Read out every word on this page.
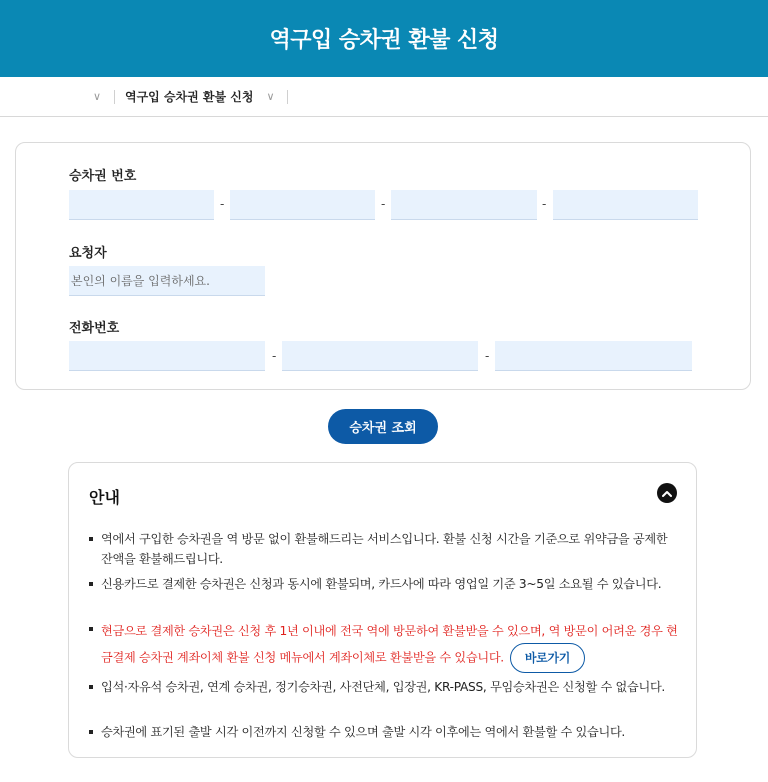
역구입 승차권 환불 신청
∨ 역구입 승차권 환불 신청 ∨
승차권 번호
-	-	-
요청자
본인의 이름을 입력하세요.
전화번호
-	-
승차권 조회
안내
역에서 구입한 승차권을 역 방문 없이 환불해드리는 서비스입니다. 환불 신청 시간을 기준으로 위약금을 공제한 잔액을 환불해드립니다.
신용카드로 결제한 승차권은 신청과 동시에 환불되며, 카드사에 따라 영업일 기준 3~5일 소요될 수 있습니다.
현금으로 결제한 승차권은 신청 후 1년 이내에 전국 역에 방문하여 환불받을 수 있으며, 역 방문이 어려운 경우 현금결제 승차권 계좌이체 환불 신청 메뉴에서 계좌이체로 환불받을 수 있습니다. 바로가기
입석·자유석 승차권, 연계 승차권, 정기승차권, 사전단체, 입장권, KR-PASS, 무임승차권은 신청할 수 없습니다.
승차권에 표기된 출발 시각 이전까지 신청할 수 있으며 출발 시각 이후에는 역에서 환불할 수 있습니다.
